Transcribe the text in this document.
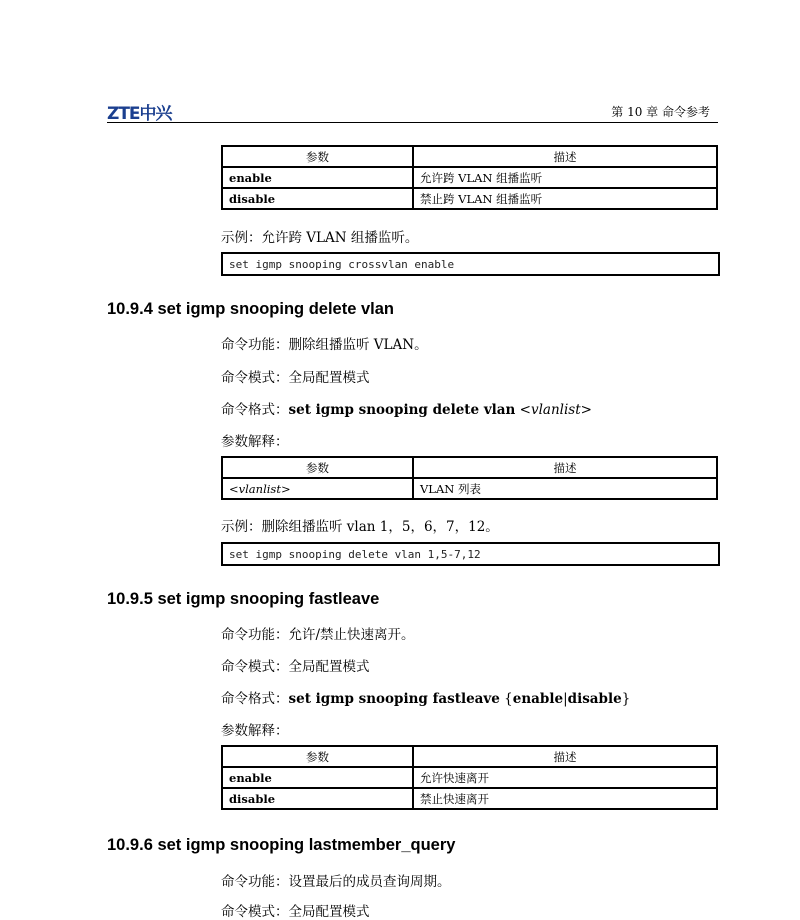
ZTE中兴	第 10 章 命令参考
参数	描述
enable	允许跨 VLAN 组播监听
disable	禁止跨 VLAN 组播监听
示例：允许跨 VLAN 组播监听。
set igmp snooping crossvlan enable
10.9.4 set igmp snooping delete vlan
命令功能：删除组播监听 VLAN。
命令模式：全局配置模式
命令格式：set igmp snooping delete vlan <vlanlist>
参数解释：
参数	描述
<vlanlist>	VLAN 列表
示例：删除组播监听 vlan 1，5，6，7，12。
set igmp snooping delete vlan 1,5-7,12
10.9.5 set igmp snooping fastleave
命令功能：允许/禁止快速离开。
命令模式：全局配置模式
命令格式：set igmp snooping fastleave {enable|disable}
参数解释：
参数	描述
enable	允许快速离开
disable	禁止快速离开
10.9.6 set igmp snooping lastmember_query
命令功能：设置最后的成员查询周期。
命令模式：全局配置模式
